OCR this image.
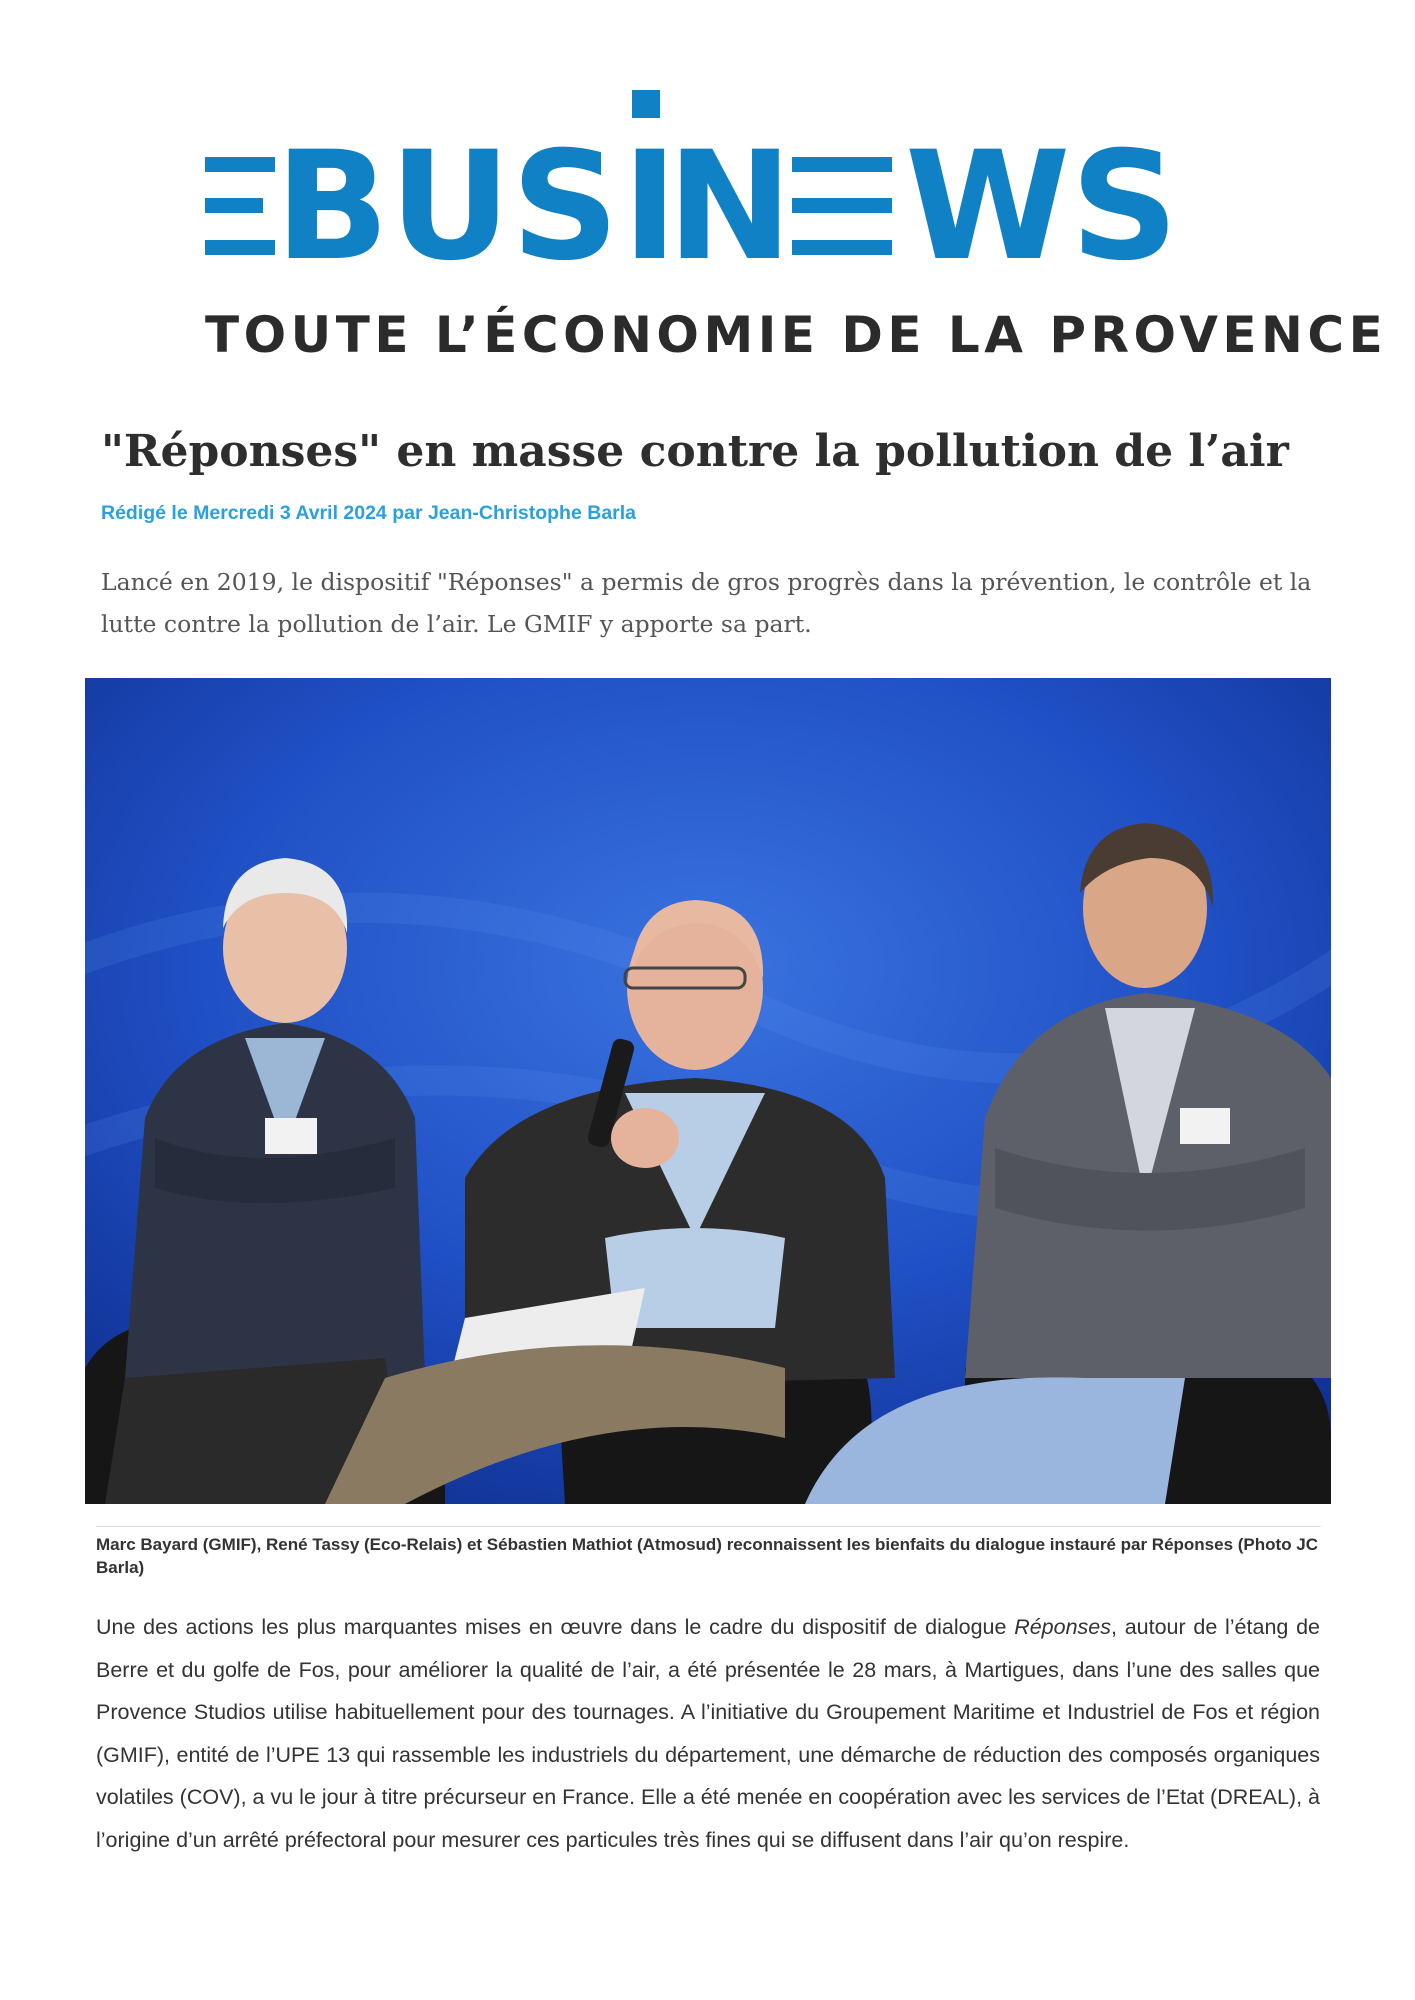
BUS I
N WS
TOUTE L’ÉCONOMIE DE LA PROVENCE
"Réponses" en masse contre la pollution de l’air
Rédigé le Mercredi 3 Avril 2024 par Jean-Christophe Barla

Lancé en 2019, le dispositif "Réponses" a permis de gros progrès dans la prévention, le contrôle et la lutte contre la pollution de l’air. Le GMIF y apporte sa part.

Marc Bayard (GMIF), René Tassy (Eco-Relais) et Sébastien Mathiot (Atmosud) reconnaissent les bienfaits du dialogue instauré par Réponses (Photo JC Barla)

Une des actions les plus marquantes mises en œuvre dans le cadre du dispositif de dialogue Réponses, autour de l’étang de Berre et du golfe de Fos, pour améliorer la qualité de l’air, a été présentée le 28 mars, à Martigues, dans l’une des salles que Provence Studios utilise habituellement pour des tournages. A l’initiative du Groupement Maritime et Industriel de Fos et région (GMIF), entité de l’UPE 13 qui rassemble les industriels du département, une démarche de réduction des composés organiques volatiles (COV), a vu le jour à titre précurseur en France. Elle a été menée en coopération avec les services de l’Etat (DREAL), à l’origine d’un arrêté préfectoral pour mesurer ces particules très fines qui se diffusent dans l’air qu’on respire.
